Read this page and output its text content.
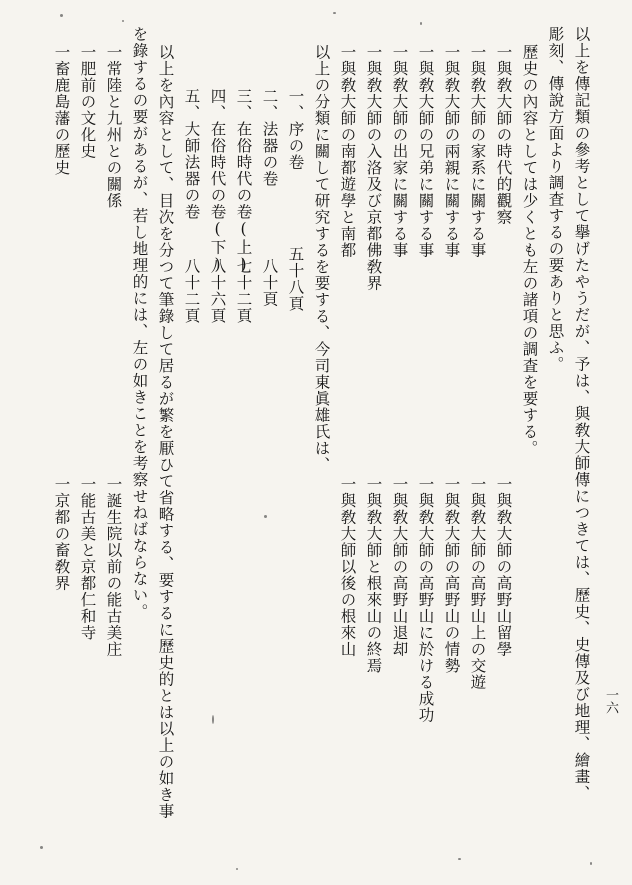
一六
以上を傳記類の參考として擧げたやうだが、予は、與敎大師傳につきては、歷史、史傳及び地理、繪畫、
彫刻、傳說方面より調査するの要ありと思ふ。
歷史の內容としては少くとも左の諸項の調査を要する。
一與敎大師の時代的觀察
一與敎大師の高野山留學
一與敎大師の家系に關する事
一與敎大師の高野山上の交遊
一與敎大師の兩親に關する事
一與敎大師の高野山の情勢
一與敎大師の兄弟に關する事
一與敎大師の高野山に於ける成功
一與敎大師の出家に關する事
一與敎大師の高野山退却
一與敎大師の入洛及び京都佛敎界
一與敎大師と根來山の終焉
一與敎大師の南都遊學と南都
一與敎大師以後の根來山
以上の分類に關して研究するを要する、今司東眞雄氏は、
一、序の卷
五十八頁
二、法器の卷
八十頁
三、在俗時代の卷(上)
七十二頁
四、在俗時代の卷(下)
八十六頁
五、大師法器の卷
八十二頁
以上を內容として、目次を分つて筆錄して居るが繁を厭ひて省略する、要するに歷史的とは以上の如き事
を錄するの要があるが、若し地理的には、左の如きことを考察せねばならない。
一常陸と九州との關係
一誕生院以前の能古美庄
一肥前の文化史
一能古美と京都仁和寺
一畜鹿島藩の歷史
一京都の畜敎界
